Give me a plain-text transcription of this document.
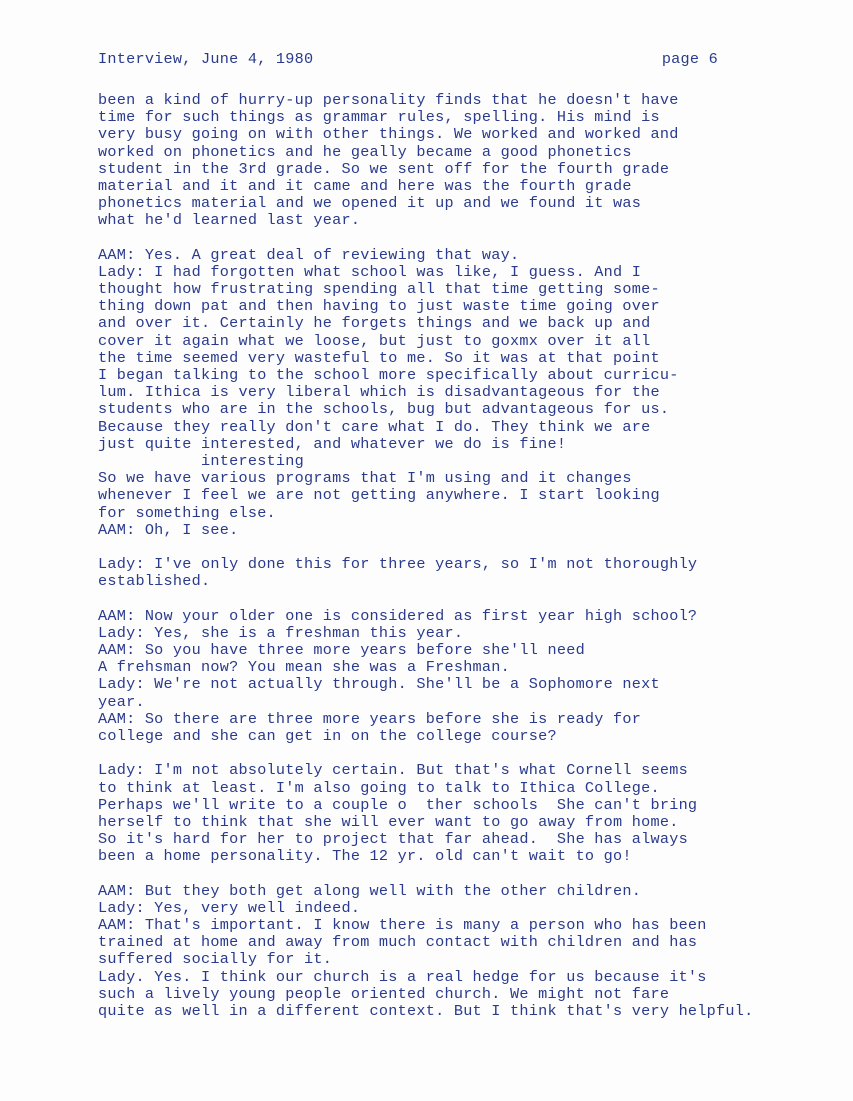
Interview, June 4, 1980

	page 6

been a kind of hurry-up personality finds that he doesn't have
time for such things as grammar rules, spelling. His mind is
very busy going on with other things. We worked and worked and
worked on phonetics and he geally became a good phonetics
student in the 3rd grade. So we sent off for the fourth grade
material and it and it came and here was the fourth grade
phonetics material and we opened it up and we found it was
what he'd learned last year.
AAM: Yes. A great deal of reviewing that way.
Lady: I had forgotten what school was like, I guess. And I
thought how frustrating spending all that time getting some-
thing down pat and then having to just waste time going over
and over it. Certainly he forgets things and we back up and
cover it again what we loose, but just to goxmx over it all
the time seemed very wasteful to me. So it was at that point
I began talking to the school more specifically about curricu-
lum. Ithica is very liberal which is disadvantageous for the
students who are in the schools, bug but advantageous for us.
Because they really don't care what I do. They think we are
just quite interested, and whatever we do is fine!
interesting
So we have various programs that I'm using and it changes
whenever I feel we are not getting anywhere. I start looking
for something else.
AAM: Oh, I see.
Lady: I've only done this for three years, so I'm not thoroughly
established.
AAM: Now your older one is considered as first year high school?
Lady: Yes, she is a freshman this year.
AAM: So you have three more years before she'll need
A frehsman now? You mean she was a Freshman.
Lady: We're not actually through. She'll be a Sophomore next
year.
AAM: So there are three more years before she is ready for
college and she can get in on the college course?
Lady: I'm not absolutely certain. But that's what Cornell seems
to think at least. I'm also going to talk to Ithica College.
Perhaps we'll write to a couple o  ther schools  She can't bring
herself to think that she will ever want to go away from home.
So it's hard for her to project that far ahead.  She has always
been a home personality. The 12 yr. old can't wait to go!
AAM: But they both get along well with the other children.
Lady: Yes, very well indeed.
AAM: That's important. I know there is many a person who has been
trained at home and away from much contact with children and has
suffered socially for it.
Lady. Yes. I think our church is a real hedge for us because it's
such a lively young people oriented church. We might not fare
quite as well in a different context. But I think that's very helpful.
